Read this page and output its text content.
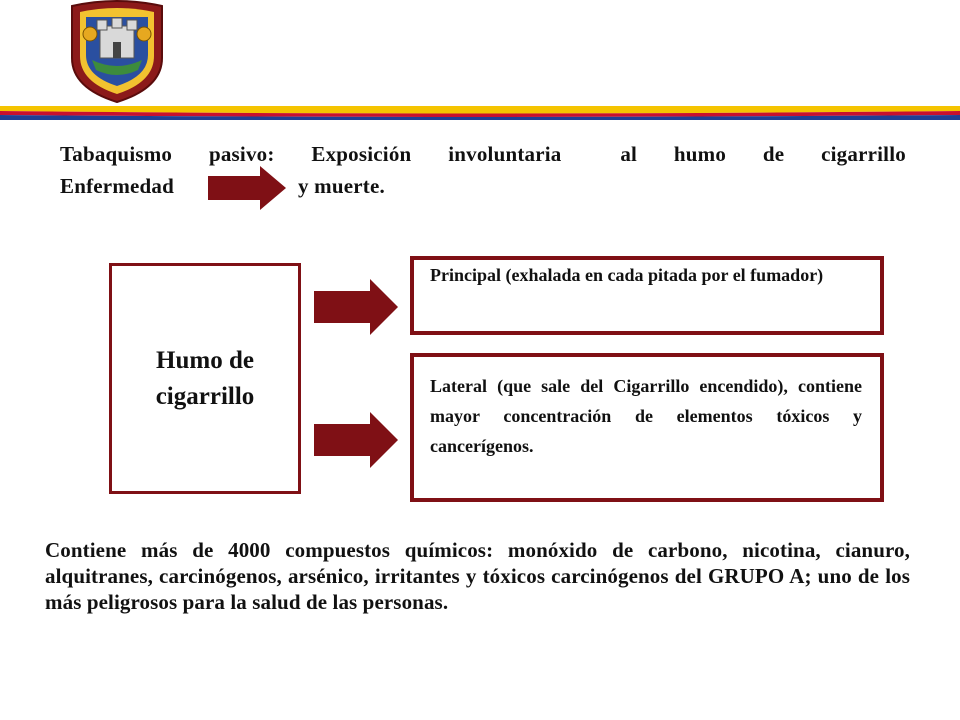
Tabaquismo pasivo: Exposición involuntaria	al humo de cigarrillo
Enfermedad	y muerte.
Humo de
cigarrillo
Principal (exhalada en cada pitada por el fumador)
Lateral (que sale del Cigarrillo encendido), contiene mayor concentración de elementos tóxicos y cancerígenos.
Contiene más de 4000 compuestos químicos: monóxido de carbono, nicotina, cianuro, alquitranes, carcinógenos, arsénico, irritantes y tóxicos carcinógenos del GRUPO A; uno de los más peligrosos para la salud de las personas.
